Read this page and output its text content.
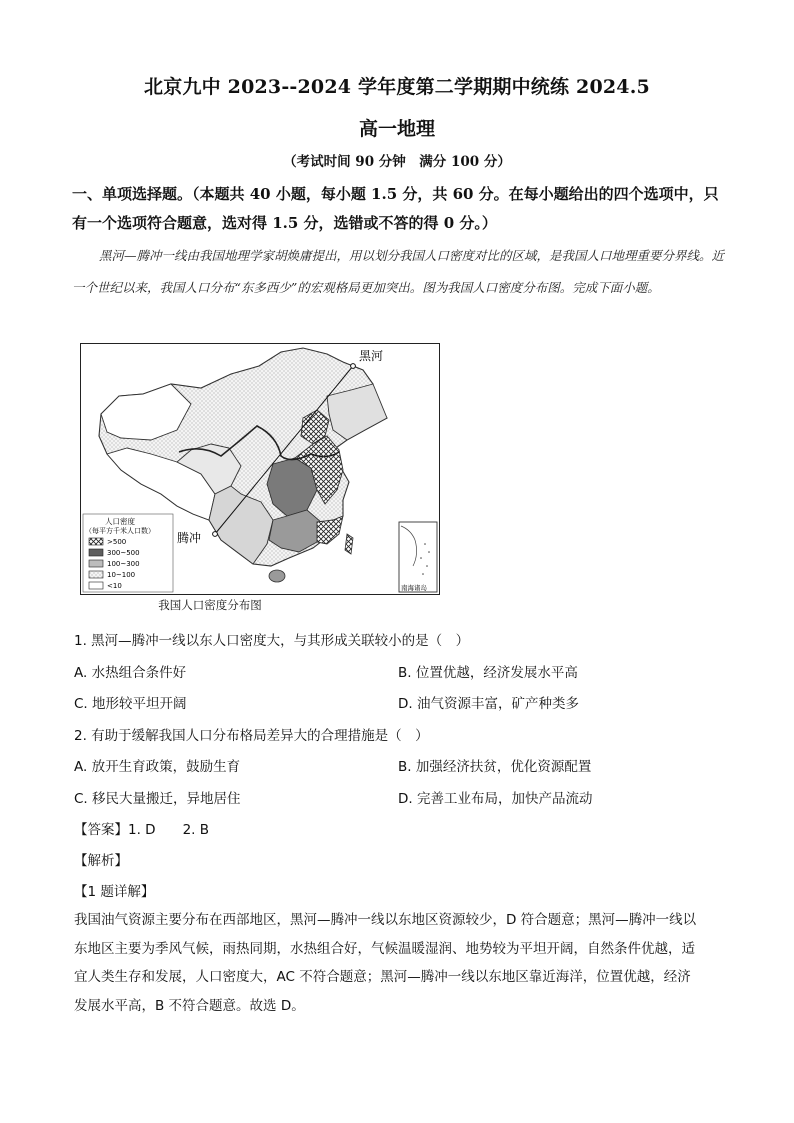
北京九中 2023--2024 学年度第二学期期中统练 2024.5
高一地理
（考试时间 90 分钟　满分 100 分）
一、单项选择题。（本题共 40 小题，每小题 1.5 分，共 60 分。在每小题给出的四个选项中，只有一个选项符合题意，选对得 1.5 分，选错或不答的得 0 分。）
黑河—腾冲一线由我国地理学家胡焕庸提出，用以划分我国人口密度对比的区域，是我国人口地理重要分界线。近一个世纪以来，我国人口分布“东多西少”的宏观格局更加突出。图为我国人口密度分布图。完成下面小题。
黑河
腾冲
人口密度
（每平方千米人口数）
>500
300~500
100~300
10~100
<10	南海诸岛
我国人口密度分布图
1. 黑河—腾冲一线以东人口密度大，与其形成关联较小的是（　）
A. 水热组合条件好	B. 位置优越，经济发展水平高
C. 地形较平坦开阔	D. 油气资源丰富，矿产种类多
2. 有助于缓解我国人口分布格局差异大的合理措施是（　）
A. 放开生育政策，鼓励生育	B. 加强经济扶贫，优化资源配置
C. 移民大量搬迁，异地居住	D. 完善工业布局，加快产品流动
【答案】1. D　　2. B
【解析】
【1 题详解】
我国油气资源主要分布在西部地区，黑河—腾冲一线以东地区资源较少，D 符合题意；黑河—腾冲一线以
东地区主要为季风气候，雨热同期，水热组合好，气候温暖湿润、地势较为平坦开阔，自然条件优越，适
宜人类生存和发展，人口密度大，AC 不符合题意；黑河—腾冲一线以东地区靠近海洋，位置优越，经济
发展水平高，B 不符合题意。故选 D。
